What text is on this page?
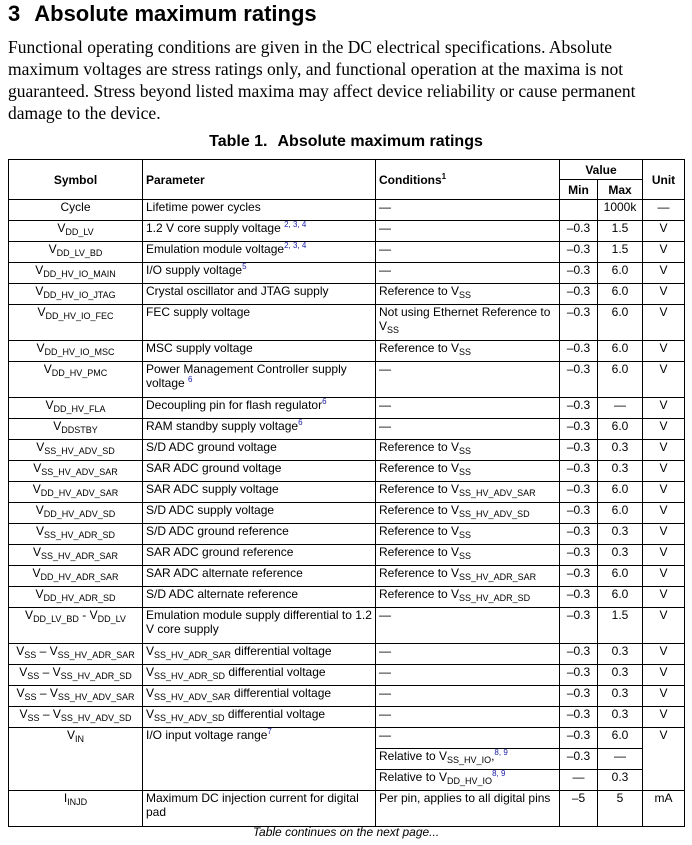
3 Absolute maximum ratings

Functional operating conditions are given in the DC electrical specifications. Absolute maximum voltages are stress ratings only, and functional operation at the maxima is not guaranteed. Stress beyond listed maxima may affect device reliability or cause permanent damage to the device.

Table 1. Absolute maximum ratings
Symbol	Parameter	Conditions$^1$	Value		Unit
			Min	Max	
Cycle	Lifetime power cycles	—		1000k	—
$V_{DD\_LV}$	1.2 V core supply voltage $^{2, 3, 4}$	—	–0.3	1.5	V
$V_{DD\_LV\_BD}$	Emulation module voltage$^{2, 3, 4}$	—	–0.3	1.5	V
$V_{DD\_HV\_IO\_MAIN}$	I/O supply voltage$^5$	—	–0.3	6.0	V
$V_{DD\_HV\_IO\_JTAG}$	Crystal oscillator and JTAG supply	Reference to $V_{SS}$	–0.3	6.0	V
$V_{DD\_HV\_IO\_FEC}$	FEC supply voltage	Not using Ethernet Reference to $V_{SS}$	–0.3	6.0	V
$V_{DD\_HV\_IO\_MSC}$	MSC supply voltage	Reference to $V_{SS}$	–0.3	6.0	V
$V_{DD\_HV\_PMC}$	Power Management Controller supply voltage $^6$	—	–0.3	6.0	V
$V_{DD\_HV\_FLA}$	Decoupling pin for flash regulator$^6$	—	–0.3	—	V
$V_{DDSTBY}$	RAM standby supply voltage$^6$	—	–0.3	6.0	V
$V_{SS\_HV\_ADV\_SD}$	S/D ADC ground voltage	Reference to $V_{SS}$	–0.3	0.3	V
$V_{SS\_HV\_ADV\_SAR}$	SAR ADC ground voltage	Reference to $V_{SS}$	–0.3	0.3	V
$V_{DD\_HV\_ADV\_SAR}$	SAR ADC supply voltage	Reference to $V_{SS\_HV\_ADV\_SAR}$	–0.3	6.0	V
$V_{DD\_HV\_ADV\_SD}$	S/D ADC supply voltage	Reference to $V_{SS\_HV\_ADV\_SD}$	–0.3	6.0	V
$V_{SS\_HV\_ADR\_SD}$	S/D ADC ground reference	Reference to $V_{SS}$	–0.3	0.3	V
$V_{SS\_HV\_ADR\_SAR}$	SAR ADC ground reference	Reference to $V_{SS}$	–0.3	0.3	V
$V_{DD\_HV\_ADR\_SAR}$	SAR ADC alternate reference	Reference to $V_{SS\_HV\_ADR\_SAR}$	–0.3	6.0	V
$V_{DD\_HV\_ADR\_SD}$	S/D ADC alternate reference	Reference to $V_{SS\_HV\_ADR\_SD}$	–0.3	6.0	V
$V_{DD\_LV\_BD} - V_{DD\_LV}$	Emulation module supply differential to 1.2 V core supply	—	–0.3	1.5	V
$V_{SS} - V_{SS\_HV\_ADR\_SAR}$	$V_{SS\_HV\_ADR\_SAR}$ differential voltage	—	–0.3	0.3	V
$V_{SS} - V_{SS\_HV\_ADR\_SD}$	$V_{SS\_HV\_ADR\_SD}$ differential voltage	—	–0.3	0.3	V
$V_{SS} - V_{SS\_HV\_ADV\_SAR}$	$V_{SS\_HV\_ADV\_SAR}$ differential voltage	—	–0.3	0.3	V
$V_{SS} - V_{SS\_HV\_ADV\_SD}$	$V_{SS\_HV\_ADV\_SD}$ differential voltage	—	–0.3	0.3	V
$V_{IN}$	I/O input voltage range$^7$	—	–0.3	6.0	V
		Relative to $V_{SS\_HV\_IO},^{8, 9}$	–0.3	—	
		Relative to $V_{DD\_HV\_IO}^{8, 9}$	—	0.3	
$I_{INJD}$	Maximum DC injection current for digital pad	Per pin, applies to all digital pins	–5	5	mA
Table continues on the next page...
